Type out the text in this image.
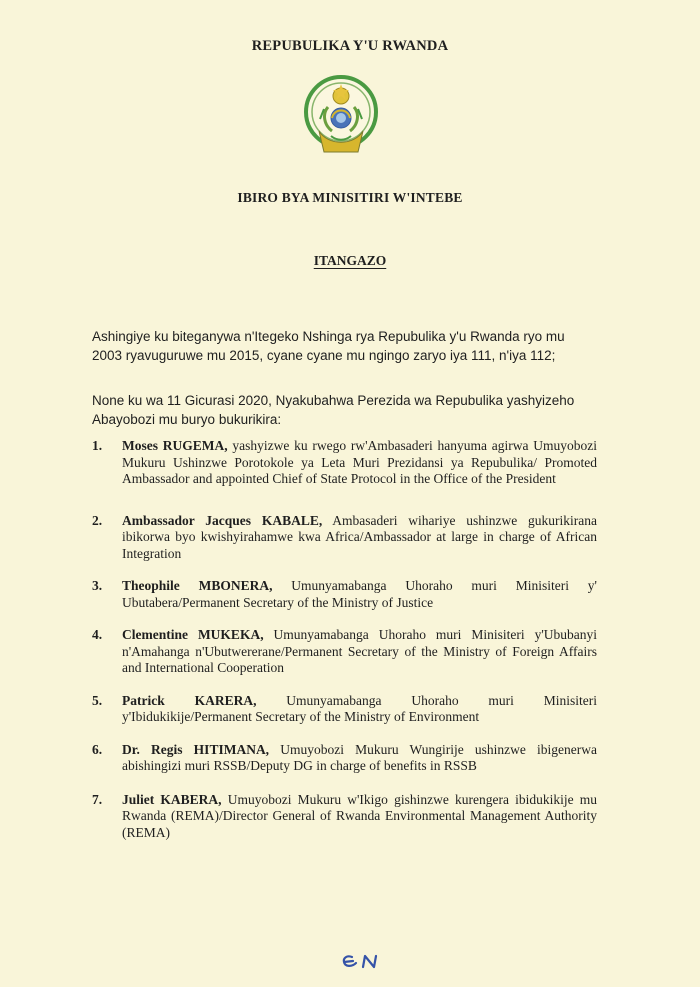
REPUBULIKA Y'U RWANDA
IBIRO BYA MINISITIRI W'INTEBE
ITANGAZO

Ashingiye ku biteganywa n'Itegeko Nshinga rya Repubulika y'u Rwanda ryo mu 2003 ryavuguruwe mu 2015, cyane cyane mu ngingo zaryo iya 111, n'iya 112;

None ku wa 11 Gicurasi 2020, Nyakubahwa Perezida wa Repubulika yashyizeho Abayobozi mu buryo bukurikira:

1.	Moses RUGEMA, yashyizwe ku rwego rw'Ambasaderi hanyuma agirwa Umuyobozi Mukuru Ushinzwe Porotokole ya Leta Muri Prezidansi ya Repubulika/ Promoted Ambassador and appointed Chief of State Protocol in the Office of the President
2.	Ambassador Jacques KABALE, Ambasaderi wihariye ushinzwe gukurikirana ibikorwa byo kwishyirahamwe kwa Africa/Ambassador at large in charge of African Integration
3.	Theophile MBONERA, Umunyamabanga Uhoraho muri Minisiteri y' Ubutabera/Permanent Secretary of the Ministry of Justice
4.	Clementine MUKEKA, Umunyamabanga Uhoraho muri Minisiteri y'Ububanyi n'Amahanga n'Ubutwererane/Permanent Secretary of the Ministry of Foreign Affairs and International Cooperation
5.	Patrick KARERA, Umunyamabanga Uhoraho muri Minisiteri y'Ibidukikije/Permanent Secretary of the Ministry of Environment
6.	Dr. Regis HITIMANA, Umuyobozi Mukuru Wungirije ushinzwe ibigenerwa abishingizi muri RSSB/Deputy DG in charge of benefits in RSSB
7.	Juliet KABERA, Umuyobozi Mukuru w'Ikigo gishinzwe kurengera ibidukikije mu Rwanda (REMA)/Director General of Rwanda Environmental Management Authority (REMA)
